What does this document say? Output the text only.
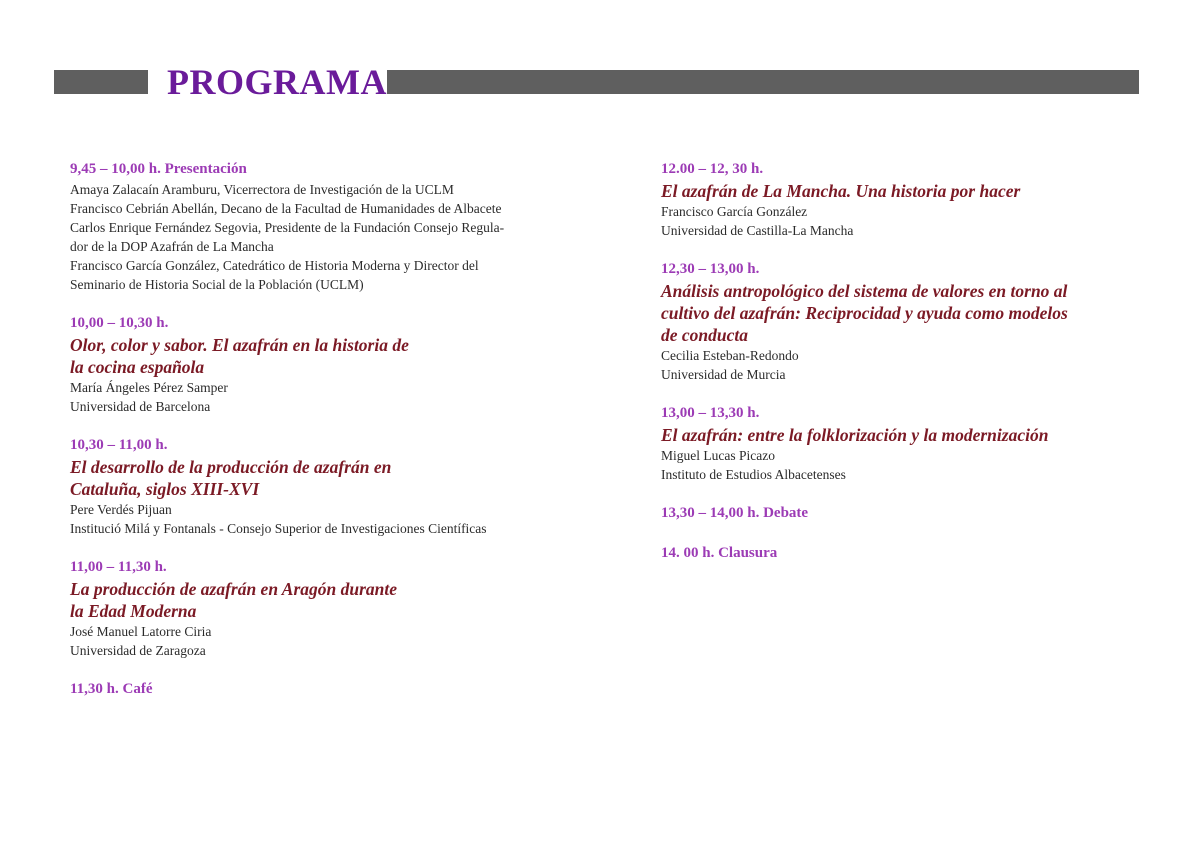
PROGRAMA
9,45 – 10,00 h. Presentación
Amaya Zalacaín Aramburu, Vicerrectora de Investigación de la UCLM
Francisco Cebrián Abellán, Decano de la Facultad de Humanidades de Albacete
Carlos Enrique Fernández Segovia, Presidente de la Fundación Consejo Regula-
dor de la DOP Azafrán de La Mancha
Francisco García González, Catedrático de Historia Moderna y Director del
Seminario de Historia Social de la Población (UCLM)
10,00 – 10,30 h.
Olor, color y sabor. El azafrán en la historia de
la cocina española
María Ángeles Pérez Samper
Universidad de Barcelona
10,30 – 11,00 h.
El desarrollo de la producción de azafrán en
Cataluña, siglos XIII-XVI
Pere Verdés Pijuan
Institució Milá y Fontanals - Consejo Superior de Investigaciones Científicas
11,00 – 11,30 h.
La producción de azafrán en Aragón durante
la Edad Moderna
José Manuel Latorre Ciria
Universidad de Zaragoza
11,30 h. Café
12.00 – 12, 30 h.
El azafrán de La Mancha. Una historia por hacer
Francisco García González
Universidad de Castilla-La Mancha
12,30 – 13,00 h.
Análisis antropológico del sistema de valores en torno al
cultivo del azafrán: Reciprocidad y ayuda como modelos
de conducta
Cecilia Esteban-Redondo
Universidad de Murcia
13,00 – 13,30 h.
El azafrán: entre la folklorización y la modernización
Miguel Lucas Picazo
Instituto de Estudios Albacetenses
13,30 – 14,00 h. Debate
14. 00 h. Clausura
